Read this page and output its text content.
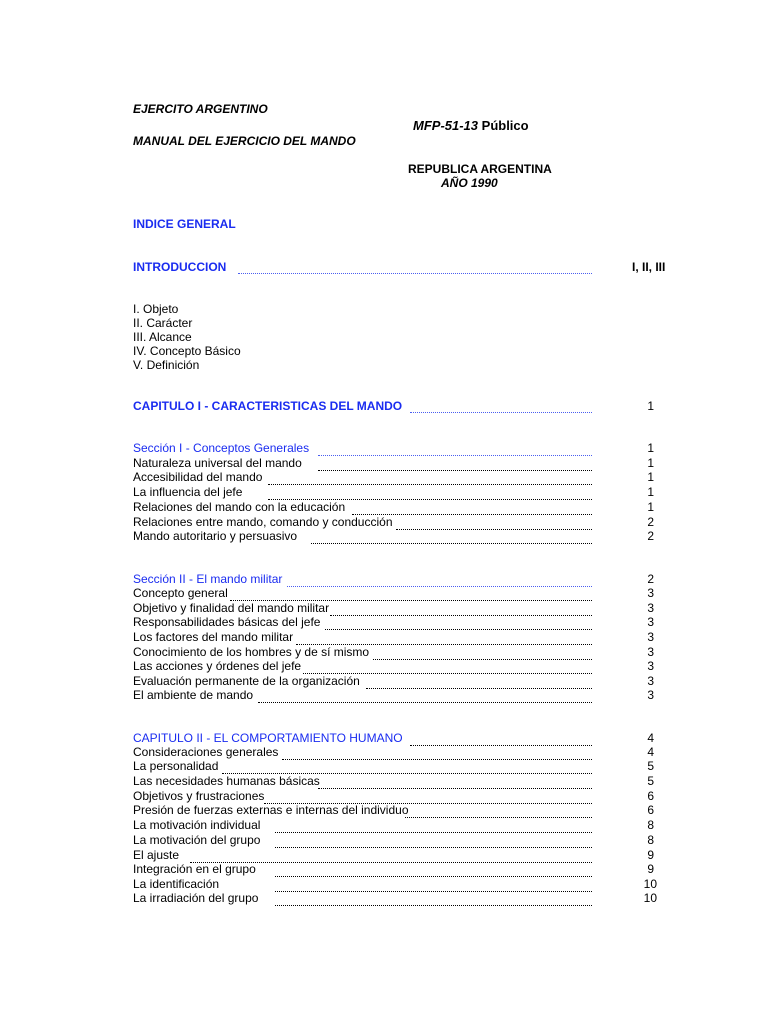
EJERCITO ARGENTINO
MFP-51-13 Público
MANUAL DEL EJERCICIO DEL MANDO
REPUBLICA ARGENTINA
AÑO 1990
INDICE GENERAL
INTRODUCCION	I, II, III
I. Objeto
II. Carácter
III. Alcance
IV. Concepto Básico
V. Definición
CAPITULO I - CARACTERISTICAS DEL MANDO	1
Sección I - Conceptos Generales	1
Naturaleza universal del mando	1
Accesibilidad del mando	1
La influencia del jefe	1
Relaciones del mando con la educación	1
Relaciones entre mando, comando y conducción	2
Mando autoritario y persuasivo	2
Sección II - El mando militar	2
Concepto general	3
Objetivo y finalidad del mando militar	3
Responsabilidades básicas del jefe	3
Los factores del mando militar	3
Conocimiento de los hombres y de sí mismo	3
Las acciones y órdenes del jefe	3
Evaluación permanente de la organización	3
El ambiente de mando	3
CAPITULO II - EL COMPORTAMIENTO HUMANO	4
Consideraciones generales	4
La personalidad	5
Las necesidades humanas básicas	5
Objetivos y frustraciones	6
Presión de fuerzas externas e internas del individuo	6
La motivación individual	8
La motivación del grupo	8
El ajuste	9
Integración en el grupo	9
La identificación	10
La irradiación del grupo	10
